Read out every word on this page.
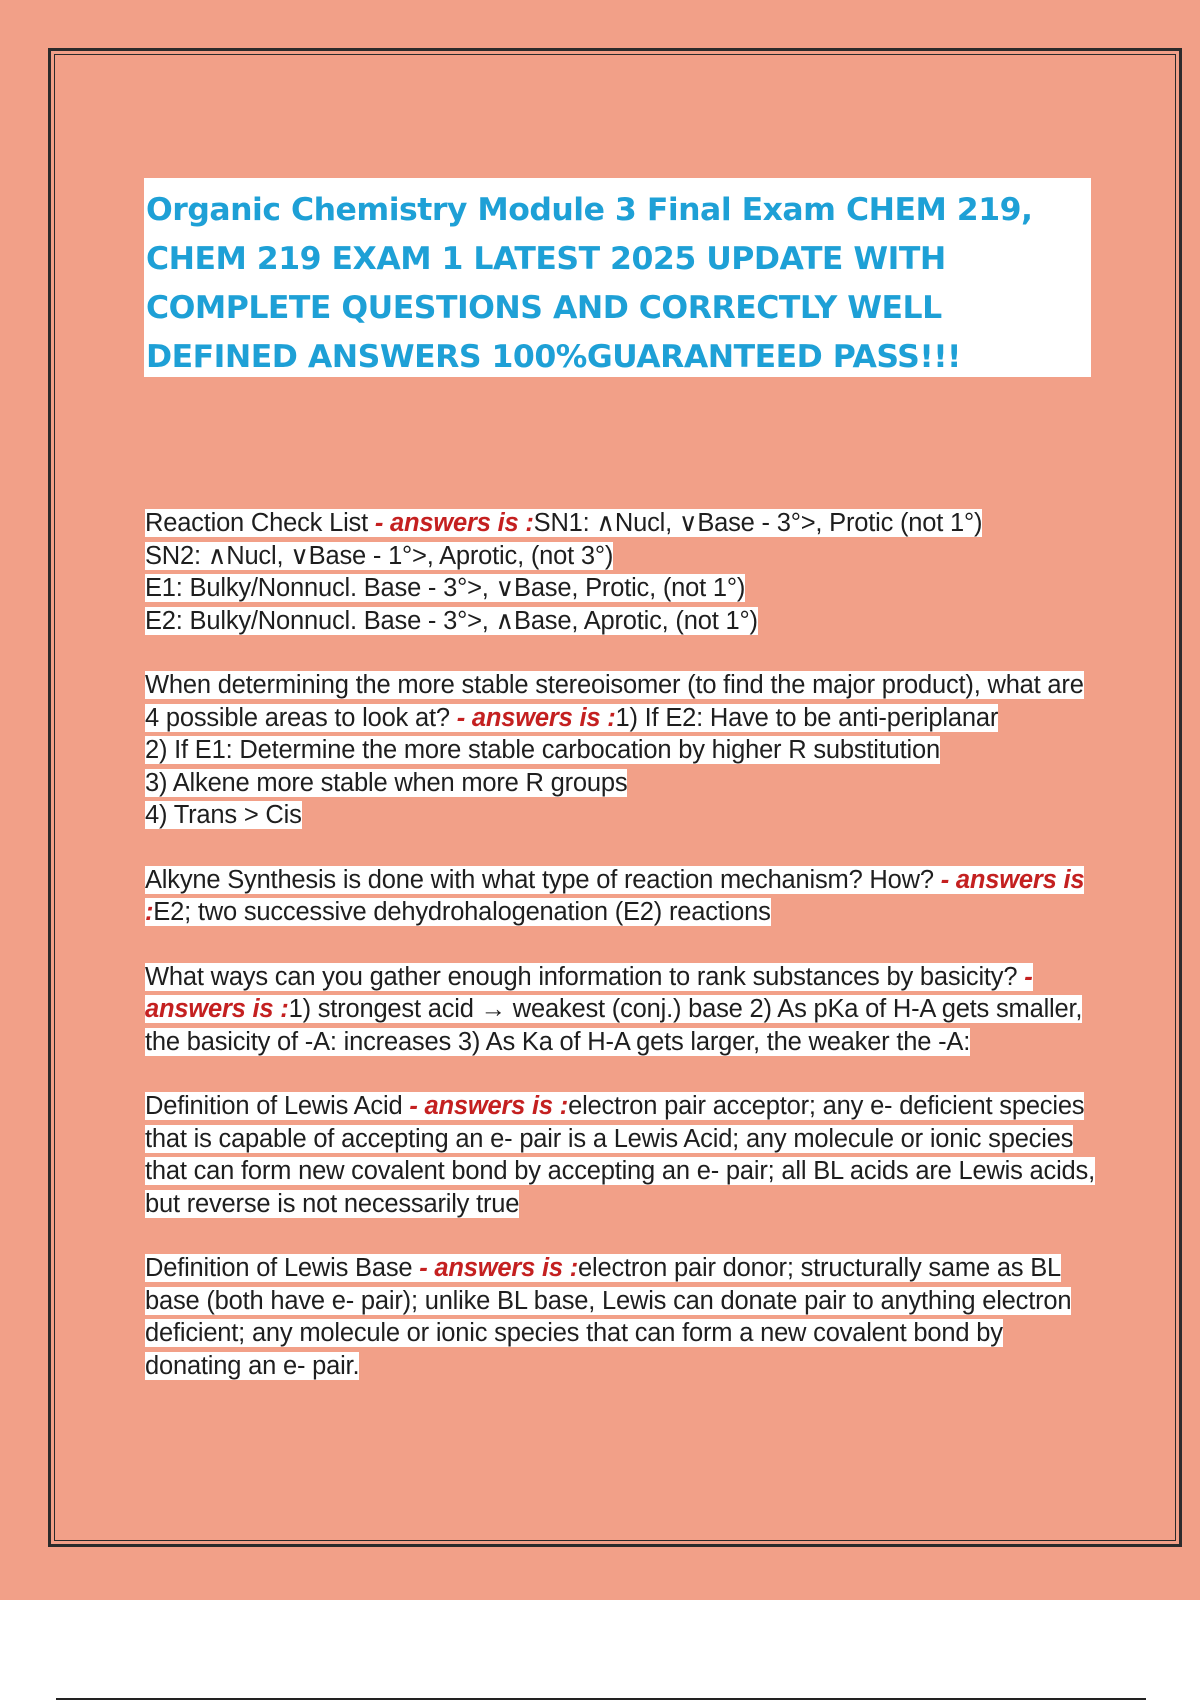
Organic Chemistry Module 3 Final Exam CHEM 219, CHEM 219 EXAM 1 LATEST 2025 UPDATE WITH COMPLETE QUESTIONS AND CORRECTLY WELL DEFINED ANSWERS 100%GUARANTEED PASS!!!

Reaction Check List - answers is :SN1: ∧Nucl, ∨Base - 3°>, Protic (not 1°)
SN2: ∧Nucl, ∨Base - 1°>, Aprotic, (not 3°)
E1: Bulky/Nonnucl. Base - 3°>, ∨Base, Protic, (not 1°)
E2: Bulky/Nonnucl. Base - 3°>, ∧Base, Aprotic, (not 1°)

When determining the more stable stereoisomer (to find the major product), what are 4 possible areas to look at? - answers is :1) If E2: Have to be anti-periplanar
2) If E1: Determine the more stable carbocation by higher R substitution
3) Alkene more stable when more R groups
4) Trans > Cis

Alkyne Synthesis is done with what type of reaction mechanism? How? - answers is :E2; two successive dehydrohalogenation (E2) reactions

What ways can you gather enough information to rank substances by basicity? - answers is :1) strongest acid → weakest (conj.) base 2) As pKa of H-A gets smaller, the basicity of -A: increases 3) As Ka of H-A gets larger, the weaker the -A:

Definition of Lewis Acid - answers is :electron pair acceptor; any e- deficient species that is capable of accepting an e- pair is a Lewis Acid; any molecule or ionic species that can form new covalent bond by accepting an e- pair; all BL acids are Lewis acids, but reverse is not necessarily true

Definition of Lewis Base - answers is :electron pair donor; structurally same as BL base (both have e- pair); unlike BL base, Lewis can donate pair to anything electron deficient; any molecule or ionic species that can form a new covalent bond by donating an e- pair.
